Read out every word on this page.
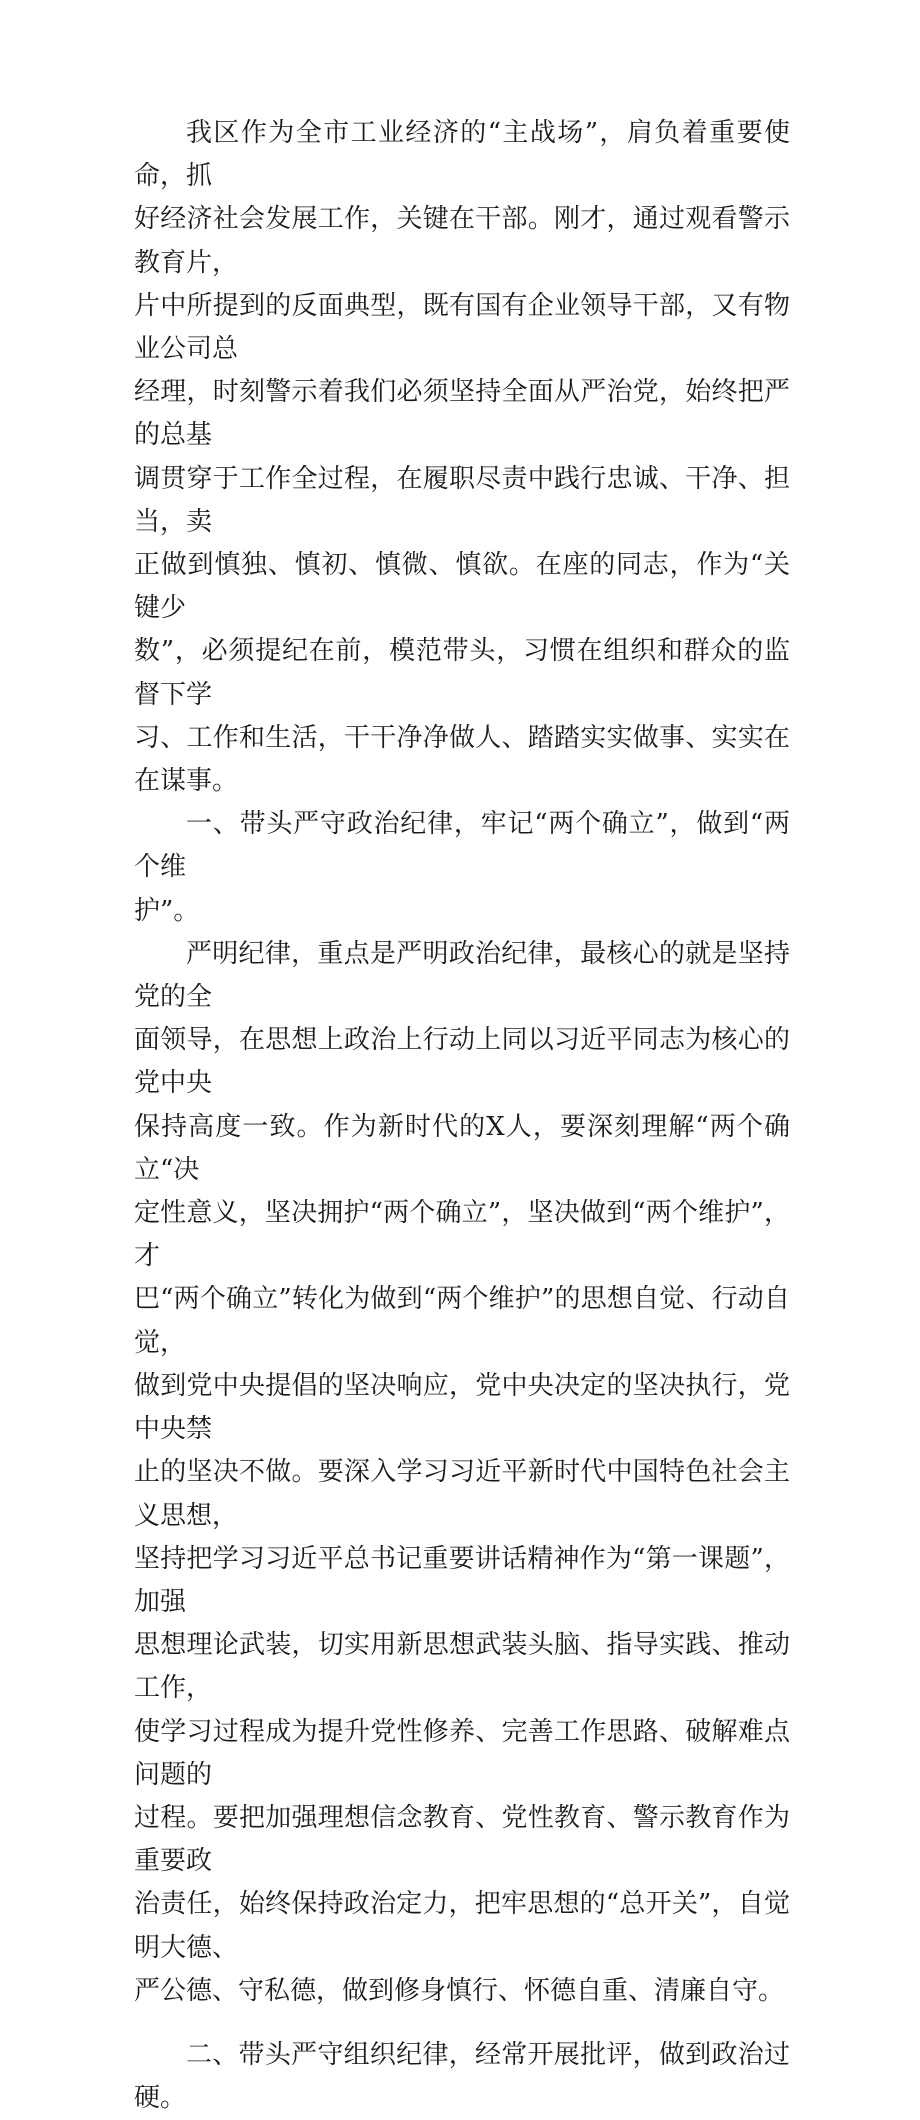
我区作为全市工业经济的“主战场”，肩负着重要使命，抓
好经济社会发展工作，关键在干部。刚才，通过观看警示教育片，
片中所提到的反面典型，既有国有企业领导干部，又有物业公司总
经理，时刻警示着我们必须坚持全面从严治党，始终把严的总基
调贯穿于工作全过程，在履职尽责中践行忠诚、干净、担当，卖
正做到慎独、慎初、慎微、慎欲。在座的同志，作为“关键少
数”，必须提纪在前，模范带头，习惯在组织和群众的监督下学
习、工作和生活，干干净净做人、踏踏实实做事、实实在在谋事。

一、带头严守政治纪律，牢记“两个确立”，做到“两个维
护”。

严明纪律，重点是严明政治纪律，最核心的就是坚持党的全
面领导，在思想上政治上行动上同以习近平同志为核心的党中央
保持高度一致。作为新时代的X人，要深刻理解“两个确立“决
定性意义，坚决拥护“两个确立”，坚决做到“两个维护”，才
巴“两个确立”转化为做到“两个维护”的思想自觉、行动自觉，
做到党中央提倡的坚决响应，党中央决定的坚决执行，党中央禁
止的坚决不做。要深入学习习近平新时代中国特色社会主义思想，
坚持把学习习近平总书记重要讲话精神作为“第一课题”，加强
思想理论武装，切实用新思想武装头脑、指导实践、推动工作，
使学习过程成为提升党性修养、完善工作思路、破解难点问题的
过程。要把加强理想信念教育、党性教育、警示教育作为重要政
治责任，始终保持政治定力，把牢思想的“总开关”，自觉明大德、
严公德、守私德，做到修身慎行、怀德自重、清廉自守。

二、带头严守组织纪律，经常开展批评，做到政治过硬。
